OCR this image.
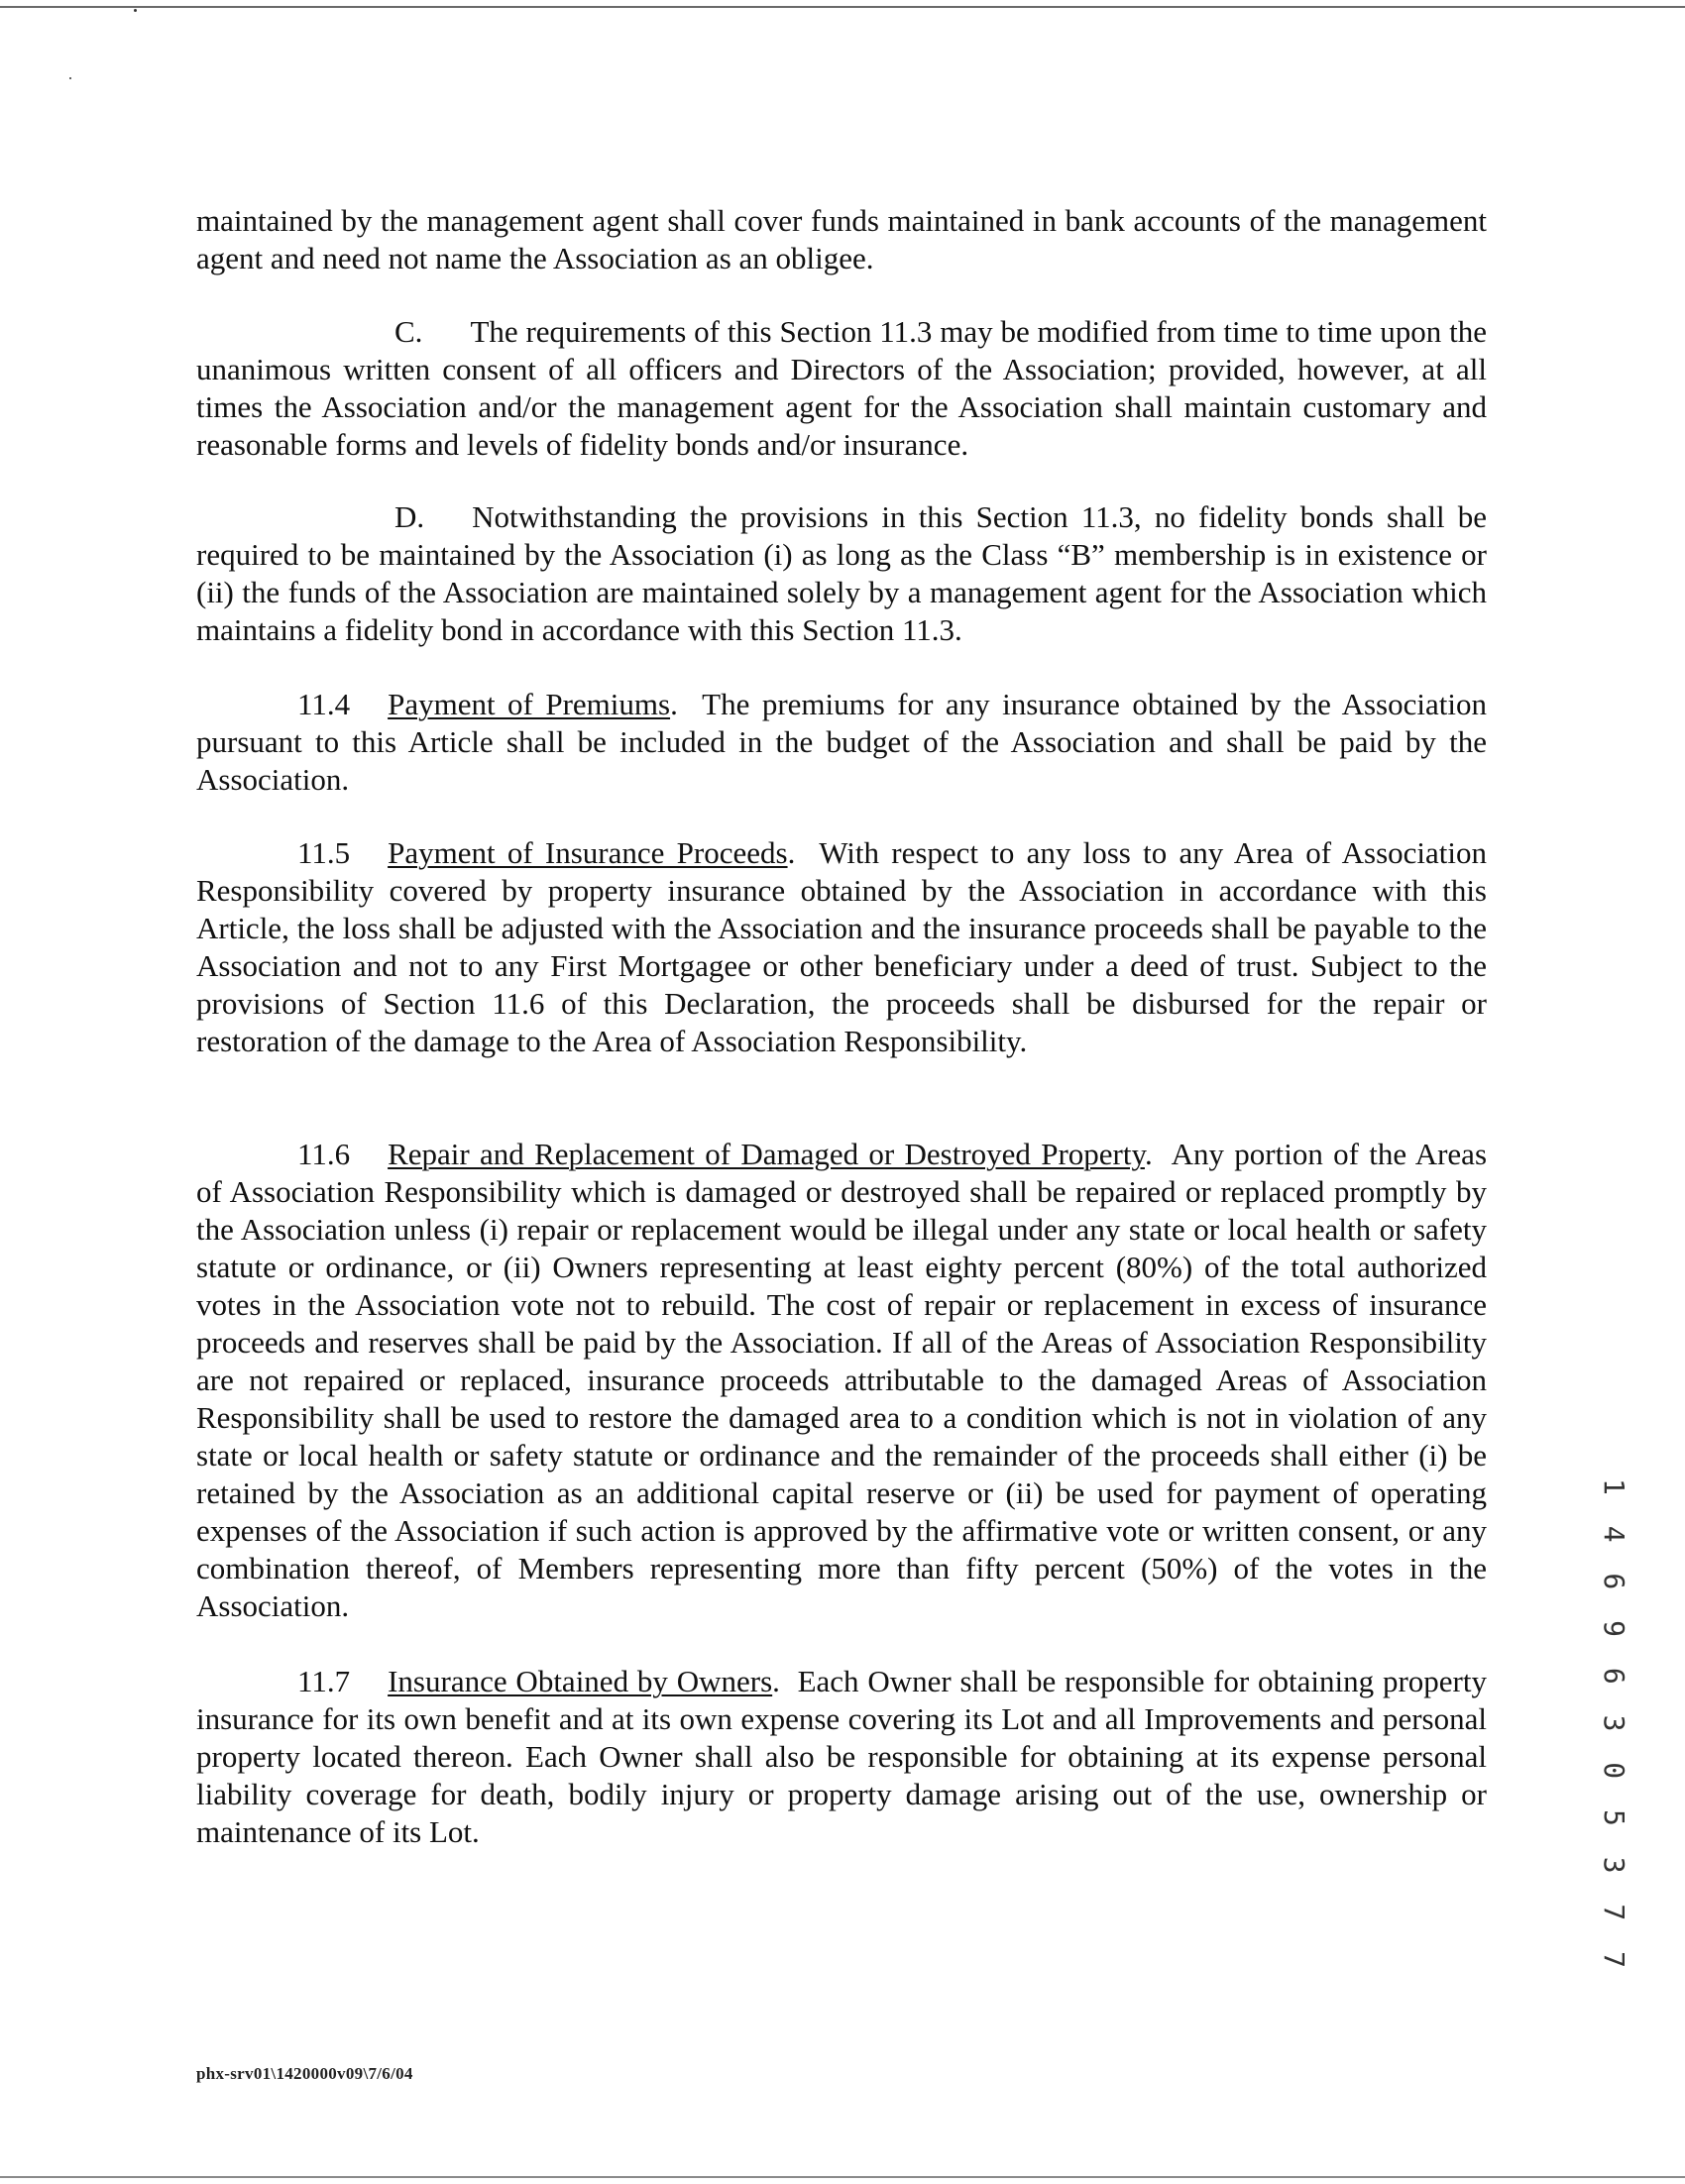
maintained by the management agent shall cover funds maintained in bank accounts of the management agent and need not name the Association as an obligee.

C. The requirements of this Section 11.3 may be modified from time to time upon the unanimous written consent of all officers and Directors of the Association; provided, however, at all times the Association and/or the management agent for the Association shall maintain customary and reasonable forms and levels of fidelity bonds and/or insurance.

D. Notwithstanding the provisions in this Section 11.3, no fidelity bonds shall be required to be maintained by the Association (i) as long as the Class “B” membership is in existence or (ii) the funds of the Association are maintained solely by a management agent for the Association which maintains a fidelity bond in accordance with this Section 11.3.

11.4 Payment of Premiums.  The premiums for any insurance obtained by the Association pursuant to this Article shall be included in the budget of the Association and shall be paid by the Association.

11.5 Payment of Insurance Proceeds.  With respect to any loss to any Area of Association Responsibility covered by property insurance obtained by the Association in accordance with this Article, the loss shall be adjusted with the Association and the insurance proceeds shall be payable to the Association and not to any First Mortgagee or other beneficiary under a deed of trust. Subject to the provisions of Section 11.6 of this Declaration, the proceeds shall be disbursed for the repair or restoration of the damage to the Area of Association Responsibility.

11.6 Repair and Replacement of Damaged or Destroyed Property.  Any portion of the Areas of Association Responsibility which is damaged or destroyed shall be repaired or replaced promptly by the Association unless (i) repair or replacement would be illegal under any state or local health or safety statute or ordinance, or (ii) Owners representing at least eighty percent (80%) of the total authorized votes in the Association vote not to rebuild. The cost of repair or replacement in excess of insurance proceeds and reserves shall be paid by the Association. If all of the Areas of Association Responsibility are not repaired or replaced, insurance proceeds attributable to the damaged Areas of Association Responsibility shall be used to restore the damaged area to a condition which is not in violation of any state or local health or safety statute or ordinance and the remainder of the proceeds shall either (i) be retained by the Association as an additional capital reserve or (ii) be used for payment of operating expenses of the Association if such action is approved by the affirmative vote or written consent, or any combination thereof, of Members representing more than fifty percent (50%) of the votes in the Association.

11.7 Insurance Obtained by Owners.  Each Owner shall be responsible for obtaining property insurance for its own benefit and at its own expense covering its Lot and all Improvements and personal property located thereon. Each Owner shall also be responsible for obtaining at its expense personal liability coverage for death, bodily injury or property damage arising out of the use, ownership or maintenance of its Lot.	1 4 6 9 6 3 0 5 3 7 7
phx-srv01\1420000v09\7/6/04
